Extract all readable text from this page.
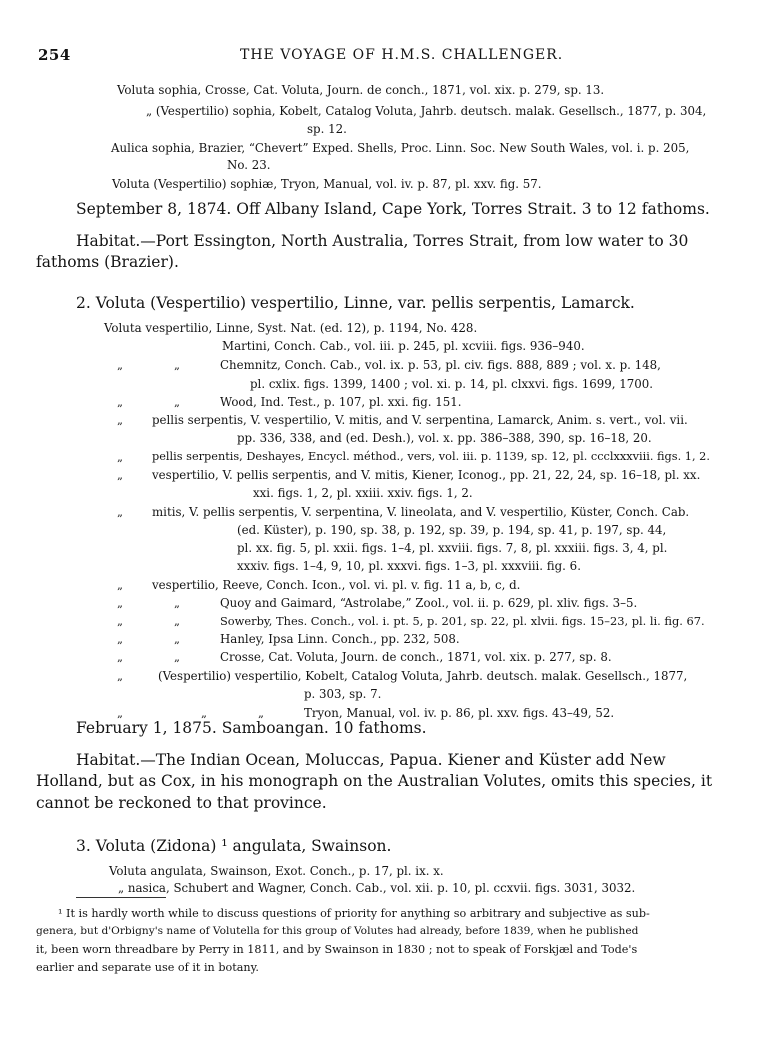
254	THE VOYAGE OF H.M.S. CHALLENGER.
Voluta sophia, Crosse, Cat. Voluta, Journ. de conch., 1871, vol. xix. p. 279, sp. 13.
„ (Vespertilio) sophia, Kobelt, Catalog Voluta, Jahrb. deutsch. malak. Gesellsch., 1877, p. 304,
sp. 12.
Aulica sophia, Brazier, “Chevert” Exped. Shells, Proc. Linn. Soc. New South Wales, vol. i. p. 205,
No. 23.
Voluta (Vespertilio) sophiæ, Tryon, Manual, vol. iv. p. 87, pl. xxv. fig. 57.
September 8, 1874. Off Albany Island, Cape York, Torres Strait. 3 to 12 fathoms.
Habitat.—Port Essington, North Australia, Torres Strait, from low water to 30
fathoms (Brazier).
2. Voluta (Vespertilio) vespertilio, Linne, var. pellis serpentis, Lamarck.
Voluta vespertilio, Linne, Syst. Nat. (ed. 12), p. 1194, No. 428.
Martini, Conch. Cab., vol. iii. p. 245, pl. xcviii. figs. 936–940.
„	„	Chemnitz, Conch. Cab., vol. ix. p. 53, pl. civ. figs. 888, 889 ; vol. x. p. 148,
pl. cxlix. figs. 1399, 1400 ; vol. xi. p. 14, pl. clxxvi. figs. 1699, 1700.
„	„	Wood, Ind. Test., p. 107, pl. xxi. fig. 151.
„ pellis serpentis, V. vespertilio, V. mitis, and V. serpentina, Lamarck, Anim. s. vert., vol. vii.
pp. 336, 338, and (ed. Desh.), vol. x. pp. 386–388, 390, sp. 16–18, 20.
„	pellis serpentis, Deshayes, Encycl. méthod., vers, vol. iii. p. 1139, sp. 12, pl. ccclxxxviii. figs. 1, 2.
„ vespertilio, V. pellis serpentis, and V. mitis, Kiener, Iconog., pp. 21, 22, 24, sp. 16–18, pl. xx.
xxi. figs. 1, 2, pl. xxiii. xxiv. figs. 1, 2.
„ mitis, V. pellis serpentis, V. serpentina, V. lineolata, and V. vespertilio, Küster, Conch. Cab.
(ed. Küster), p. 190, sp. 38, p. 192, sp. 39, p. 194, sp. 41, p. 197, sp. 44,
pl. xx. fig. 5, pl. xxii. figs. 1–4, pl. xxviii. figs. 7, 8, pl. xxxiii. figs. 3, 4, pl.
xxxiv. figs. 1–4, 9, 10, pl. xxxvi. figs. 1–3, pl. xxxviii. fig. 6.
„ vespertilio, Reeve, Conch. Icon., vol. vi. pl. v. fig. 11 a, b, c, d.
„	„	Quoy and Gaimard, “Astrolabe,” Zool., vol. ii. p. 629, pl. xliv. figs. 3–5.
„	„	Sowerby, Thes. Conch., vol. i. pt. 5, p. 201, sp. 22, pl. xlvii. figs. 15–23, pl. li. fig. 67.
„	„	Hanley, Ipsa Linn. Conch., pp. 232, 508.
„	„	Crosse, Cat. Voluta, Journ. de conch., 1871, vol. xix. p. 277, sp. 8.
„	(Vespertilio) vespertilio, Kobelt, Catalog Voluta, Jahrb. deutsch. malak. Gesellsch., 1877,
p. 303, sp. 7.
„	„	„	Tryon, Manual, vol. iv. p. 86, pl. xxv. figs. 43–49, 52.
February 1, 1875. Samboangan. 10 fathoms.
Habitat.—The Indian Ocean, Moluccas, Papua. Kiener and Küster add New
Holland, but as Cox, in his monograph on the Australian Volutes, omits this species, it
cannot be reckoned to that province.
3. Voluta (Zidona) ¹ angulata, Swainson.
Voluta angulata, Swainson, Exot. Conch., p. 17, pl. ix. x.
„ nasica, Schubert and Wagner, Conch. Cab., vol. xii. p. 10, pl. ccxvii. figs. 3031, 3032.
¹ It is hardly worth while to discuss questions of priority for anything so arbitrary and subjective as sub-
genera, but d'Orbigny's name of Volutella for this group of Volutes had already, before 1839, when he published
it, been worn threadbare by Perry in 1811, and by Swainson in 1830 ; not to speak of Forskjæl and Tode's
earlier and separate use of it in botany.
